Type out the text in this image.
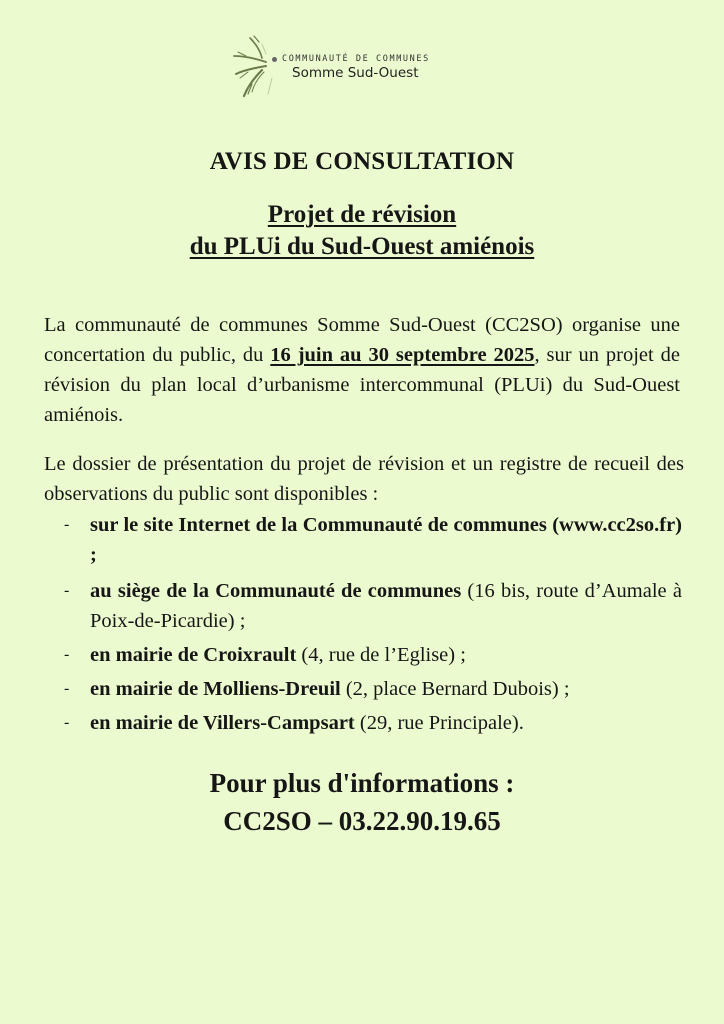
COMMUNAUTÉ DE COMMUNES
Somme Sud-Ouest
AVIS DE CONSULTATION
Projet de révision
du PLUi du Sud-Ouest amiénois
La communauté de communes Somme Sud-Ouest (CC2SO) organise une concertation du public, du 16 juin au 30 septembre 2025, sur un projet de révision du plan local d’urbanisme intercommunal (PLUi) du Sud-Ouest amiénois.
Le dossier de présentation du projet de révision et un registre de recueil des observations du public sont disponibles :
- sur le site Internet de la Communauté de communes (www.cc2so.fr) ;
- au siège de la Communauté de communes (16 bis, route d’Aumale à Poix-de-Picardie) ;
- en mairie de Croixrault (4, rue de l’Eglise) ;
- en mairie de Molliens-Dreuil (2, place Bernard Dubois) ;
- en mairie de Villers-Campsart (29, rue Principale).
Pour plus d'informations :
CC2SO – 03.22.90.19.65
